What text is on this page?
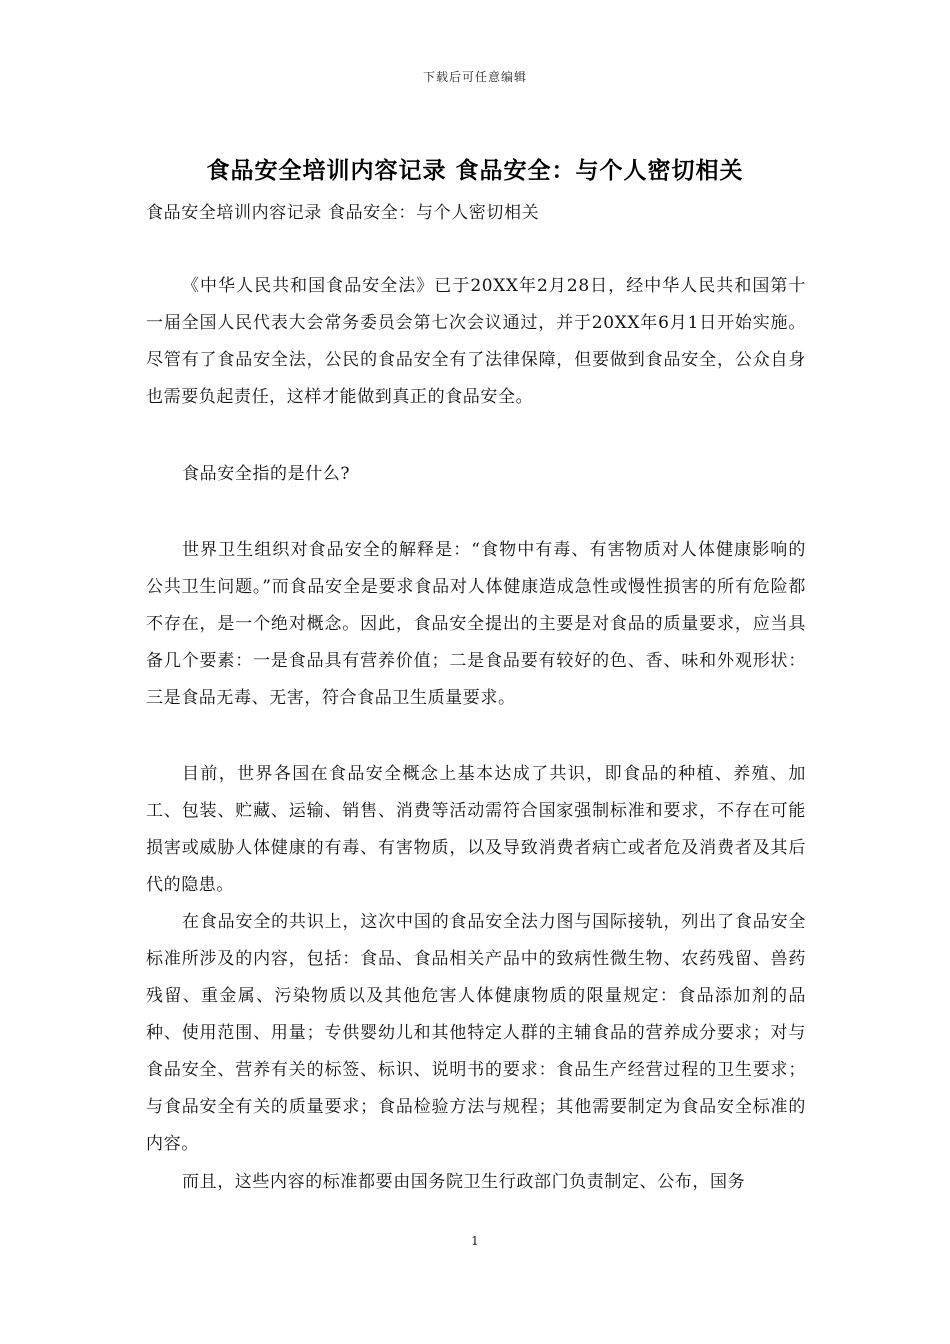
下载后可任意编辑
食品安全培训内容记录 食品安全：与个人密切相关

食品安全培训内容记录 食品安全：与个人密切相关

《中华人民共和国食品安全法》已于20XX年2月28日，经中华人民共和国第十一届全国人民代表大会常务委员会第七次会议通过，并于20XX年6月1日开始实施。尽管有了食品安全法，公民的食品安全有了法律保障，但要做到食品安全，公众自身也需要负起责任，这样才能做到真正的食品安全。

食品安全指的是什么?

世界卫生组织对食品安全的解释是：“食物中有毒、有害物质对人体健康影响的公共卫生问题。”而食品安全是要求食品对人体健康造成急性或慢性损害的所有危险都不存在，是一个绝对概念。因此，食品安全提出的主要是对食品的质量要求，应当具备几个要素：一是食品具有营养价值；二是食品要有较好的色、香、味和外观形状：三是食品无毒、无害，符合食品卫生质量要求。

目前，世界各国在食品安全概念上基本达成了共识，即食品的种植、养殖、加工、包装、贮藏、运输、销售、消费等活动需符合国家强制标准和要求，不存在可能损害或威胁人体健康的有毒、有害物质，以及导致消费者病亡或者危及消费者及其后代的隐患。

在食品安全的共识上，这次中国的食品安全法力图与国际接轨，列出了食品安全标准所涉及的内容，包括：食品、食品相关产品中的致病性微生物、农药残留、兽药残留、重金属、污染物质以及其他危害人体健康物质的限量规定：食品添加剂的品种、使用范围、用量；专供婴幼儿和其他特定人群的主辅食品的营养成分要求；对与食品安全、营养有关的标签、标识、说明书的要求：食品生产经营过程的卫生要求；与食品安全有关的质量要求；食品检验方法与规程；其他需要制定为食品安全标准的内容。

而且，这些内容的标准都要由国务院卫生行政部门负责制定、公布，国务

1
